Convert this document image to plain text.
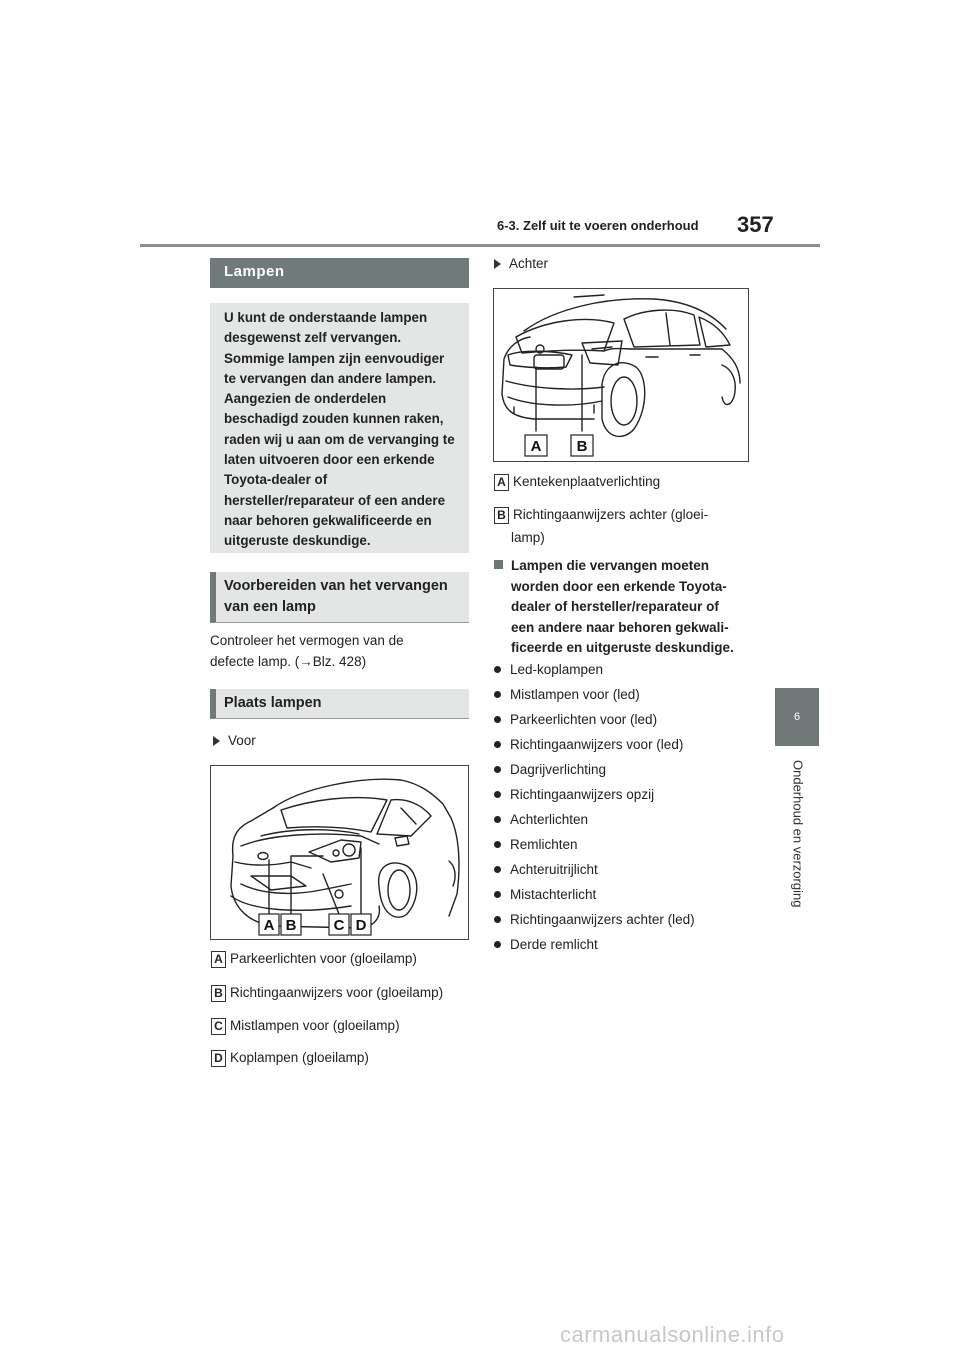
6-3. Zelf uit te voeren onderhoud 357
6
Onderhoud en verzorging
Lampen

U kunt de onderstaande lampen desgewenst zelf vervangen. Sommige lampen zijn eenvoudiger te vervangen dan andere lampen. Aangezien de onderdelen beschadigd zouden kunnen raken, raden wij u aan om de vervanging te laten uitvoeren door een erkende Toyota-dealer of hersteller/reparateur of een andere naar behoren gekwalificeerde en uitgeruste deskundige.

Voorbereiden van het vervangen van een lamp
Controleer het vermogen van de
defecte lamp. (→Blz. 428)
Plaats lampen
Voor
A B C D
A Parkeerlichten voor (gloeilamp)
B Richtingaanwijzers voor (gloeilamp)
C Mistlampen voor (gloeilamp)
D Koplampen (gloeilamp)
Achter
A B
A Kentekenplaatverlichting
B Richtingaanwijzers achter (gloei-
lamp)
Lampen die vervangen moeten
worden door een erkende Toyota-
dealer of hersteller/reparateur of
een andere naar behoren gekwali-
ficeerde en uitgeruste deskundige.
Led-koplampen
Mistlampen voor (led)
Parkeerlichten voor (led)
Richtingaanwijzers voor (led)
Dagrijverlichting
Richtingaanwijzers opzij
Achterlichten
Remlichten
Achteruitrijlicht
Mistachterlicht
Richtingaanwijzers achter (led)
Derde remlicht
carmanualsonline.info
